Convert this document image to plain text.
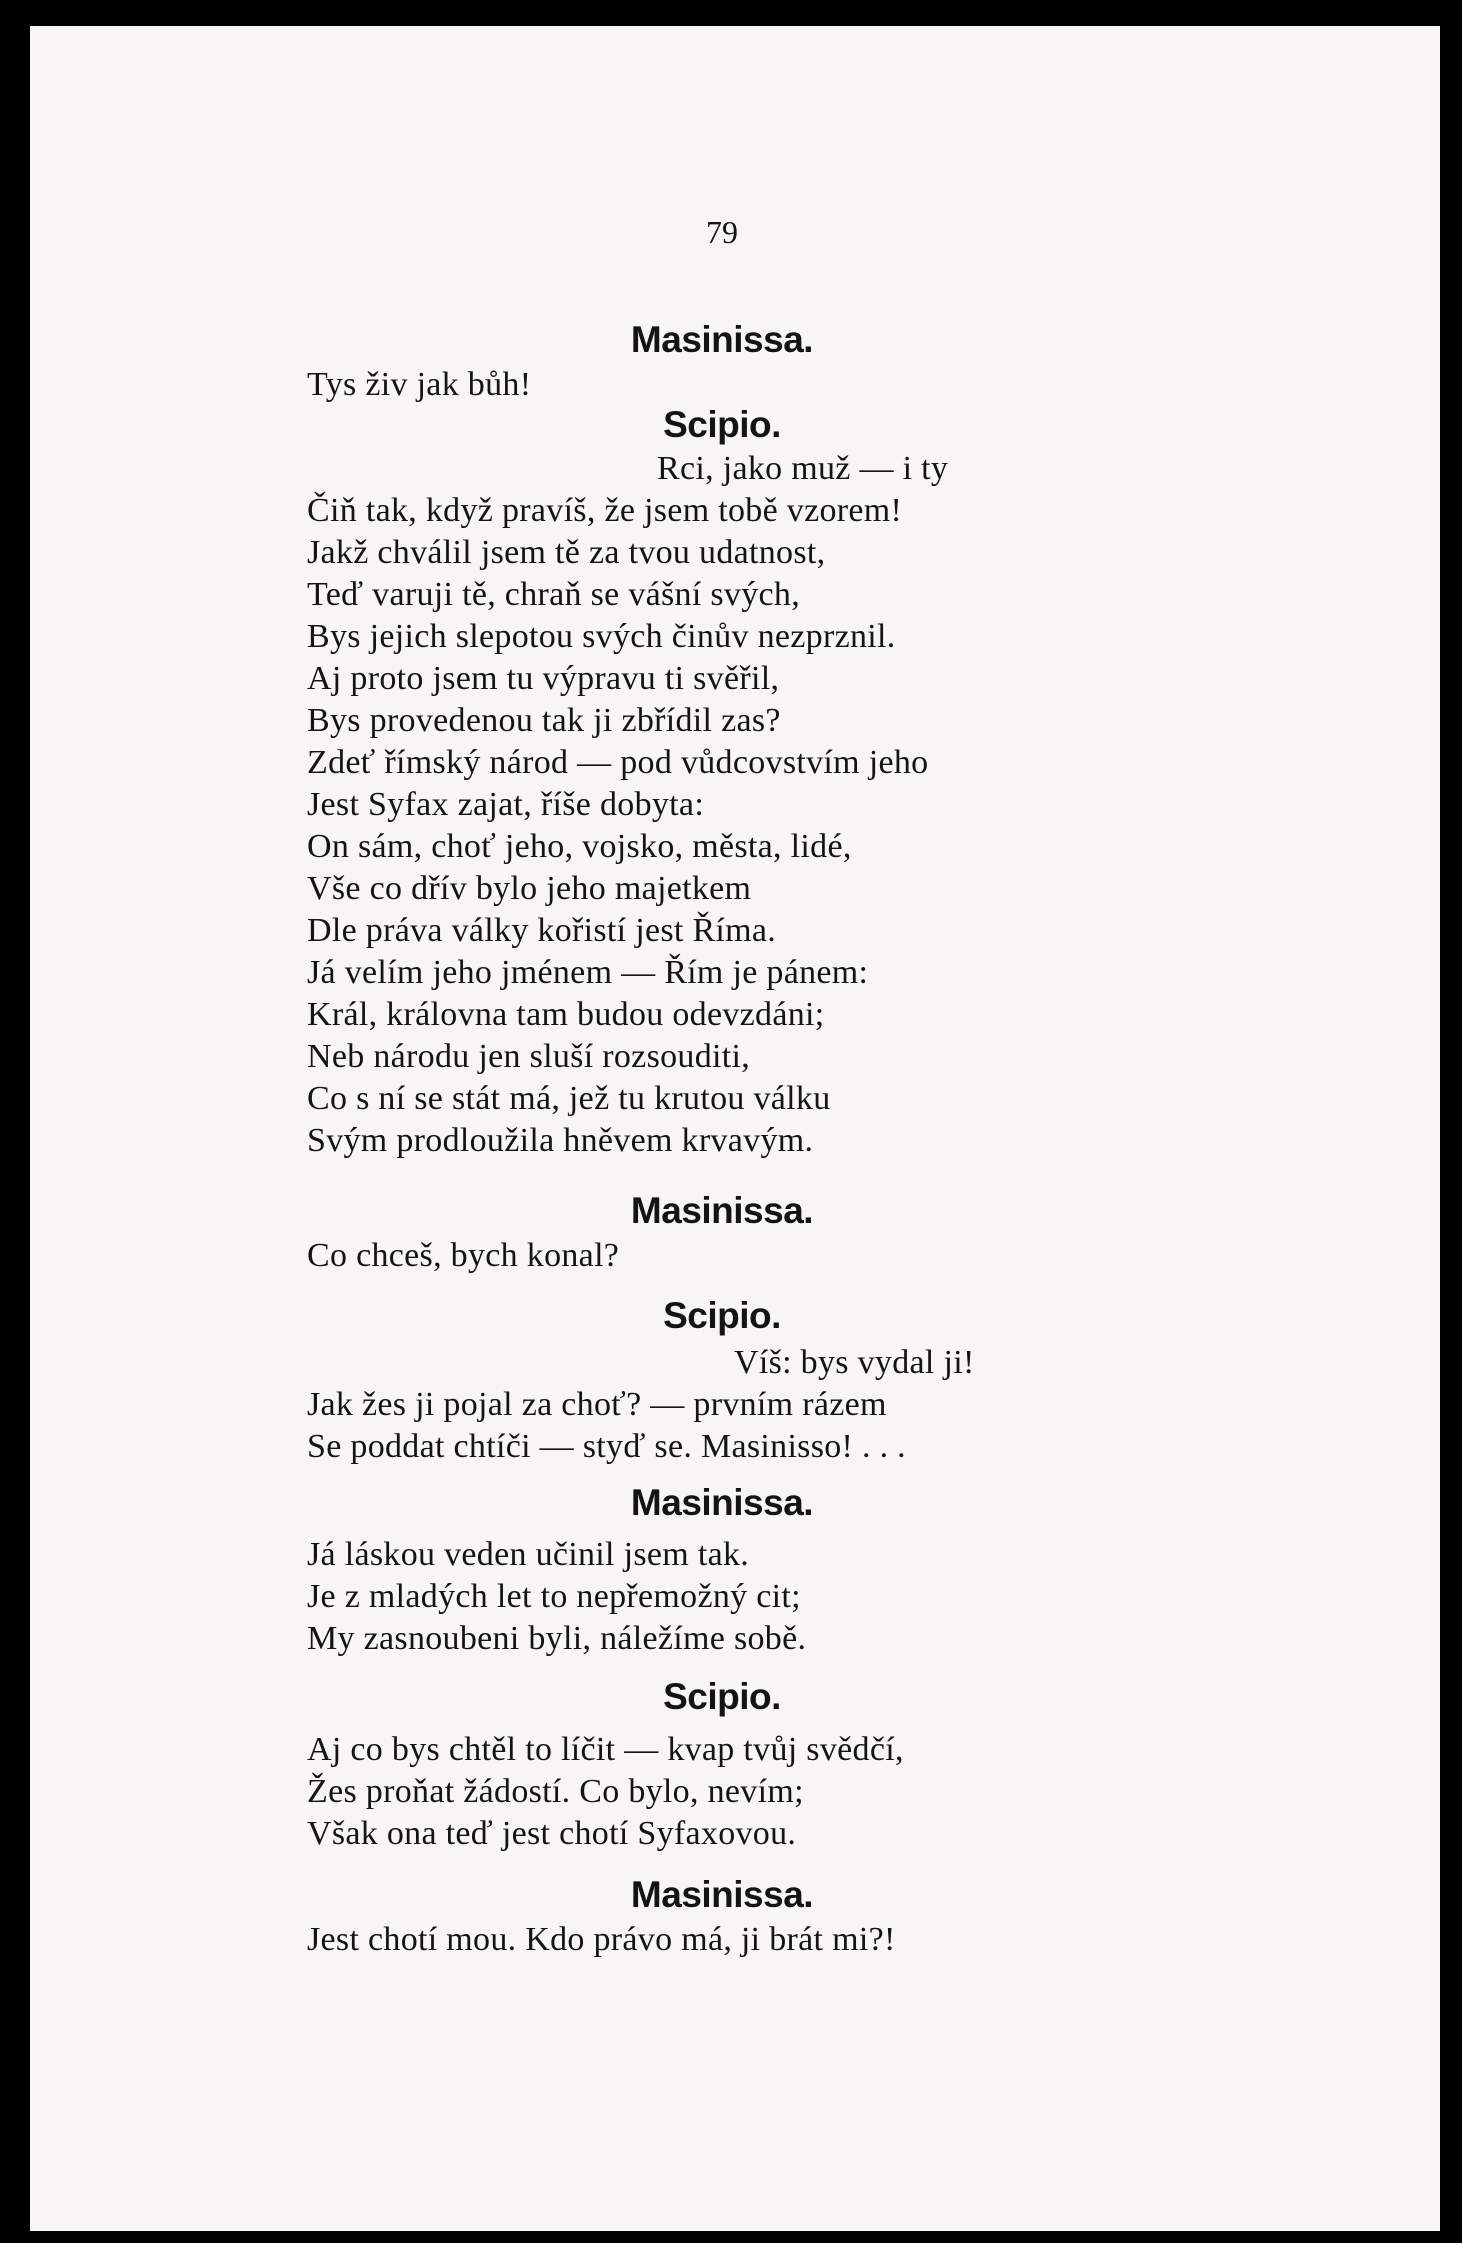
79
Masinissa.
Tys živ jak bůh!
Scipio.
Rci, jako muž — i ty
Čiň tak, když pravíš, že jsem tobě vzorem!
Jakž chválil jsem tě za tvou udatnost,
Teď varuji tě, chraň se vášní svých,
Bys jejich slepotou svých činův nezprznil.
Aj proto jsem tu výpravu ti svěřil,
Bys provedenou tak ji zbřídil zas?
Zdeť římský národ — pod vůdcovstvím jeho
Jest Syfax zajat, říše dobyta:
On sám, choť jeho, vojsko, města, lidé,
Vše co dřív bylo jeho majetkem
Dle práva války kořistí jest Říma.
Já velím jeho jménem — Řím je pánem:
Král, královna tam budou odevzdáni;
Neb národu jen sluší rozsouditi,
Co s ní se stát má, jež tu krutou válku
Svým prodloužila hněvem krvavým.
Masinissa.
Co chceš, bych konal?
Scipio.
Víš: bys vydal ji!
Jak žes ji pojal za choť? — prvním rázem
Se poddat chtíči — styď se. Masinisso! . . .
Masinissa.
Já láskou veden učinil jsem tak.
Je z mladých let to nepřemožný cit;
My zasnoubeni byli, náležíme sobě.
Scipio.
Aj co bys chtěl to líčit — kvap tvůj svědčí,
Žes proňat žádostí. Co bylo, nevím;
Však ona teď jest chotí Syfaxovou.
Masinissa.
Jest chotí mou. Kdo právo má, ji brát mi?!
